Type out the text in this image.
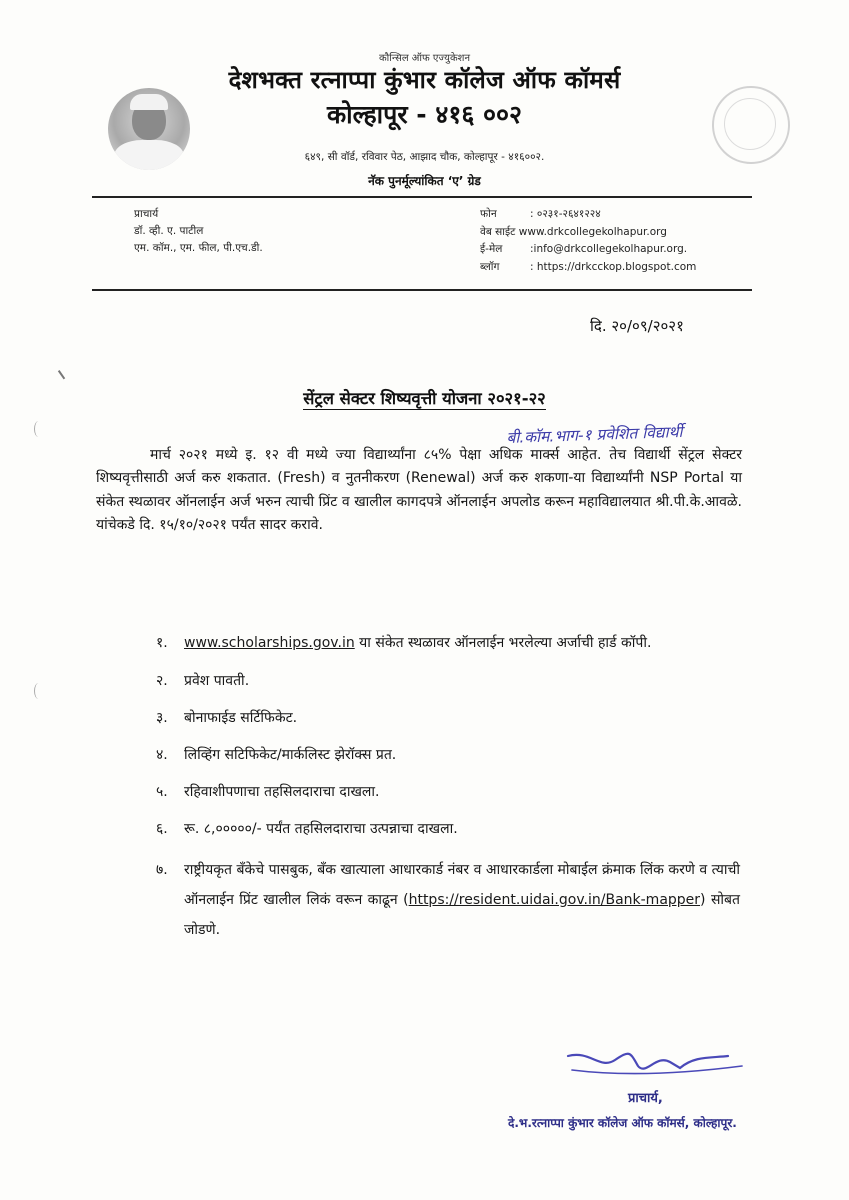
कौन्सिल ऑफ एज्युकेशन
देशभक्त रत्नाप्पा कुंभार कॉलेज ऑफ कॉमर्स
कोल्हापूर - ४१६ ००२
६४९, सी वॉर्ड, रविवार पेठ, आझाद चौक, कोल्हापूर - ४१६००२.
नॅक पुनर्मूल्यांकित ‘ए’ ग्रेड
प्राचार्य
डॉ. व्ही. ए. पाटील
एम. कॉम., एम. फील, पी.एच.डी.
फोन	: ०२३१-२६४१२२४
वेब साईट www.drkcollegekolhapur.org
ई-मेल	:info@drkcollegekolhapur.org.
ब्लॉग	: https://drkcckop.blogspot.com
दि. २०/०९/२०२१
सेंट्रल सेक्टर शिष्यवृत्ती योजना २०२१-२२
बी.कॉम.भाग-१ प्रवेशित विद्यार्थी
मार्च २०२१ मध्ये इ. १२ वी मध्ये ज्या विद्यार्थ्यांना ८५% पेक्षा अधिक मार्क्स आहेत. तेच विद्यार्थी सेंट्रल सेक्टर शिष्यवृत्तीसाठी अर्ज करु शकतात. (Fresh) व नुतनीकरण (Renewal) अर्ज करु शकणा-या विद्यार्थ्यांनी NSP Portal या संकेत स्थळावर ऑनलाईन अर्ज भरुन त्याची प्रिंट व खालील कागदपत्रे ऑनलाईन अपलोड करून महाविद्यालयात श्री.पी.के.आवळे. यांचेकडे दि. १५/१०/२०२१ पर्यंत सादर करावे.
१. www.scholarships.gov.in या संकेत स्थळावर ऑनलाईन भरलेल्या अर्जाची हार्ड कॉपी.
२. प्रवेश पावती.
३. बोनाफाईड सर्टिफिकेट.
४. लिव्हिंग सटिफिकेट/मार्कलिस्ट झेरॉक्स प्रत.
५. रहिवाशीपणाचा तहसिलदाराचा दाखला.
६. रू. ८,०००००/- पर्यंत तहसिलदाराचा उत्पन्नाचा दाखला.
७. राष्ट्रीयकृत बॅंकेचे पासबुक, बॅंक खात्याला आधारकार्ड नंबर व आधारकार्डला मोबाईल क्रंमाक लिंक करणे व त्याची ऑनलाईन प्रिंट खालील लिकं वरून काढून (https://resident.uidai.gov.in/Bank-mapper) सोबत जोडणे.
प्राचार्य,
दे.भ.रत्नाप्पा कुंभार कॉलेज ऑफ कॉमर्स, कोल्हापूर.
